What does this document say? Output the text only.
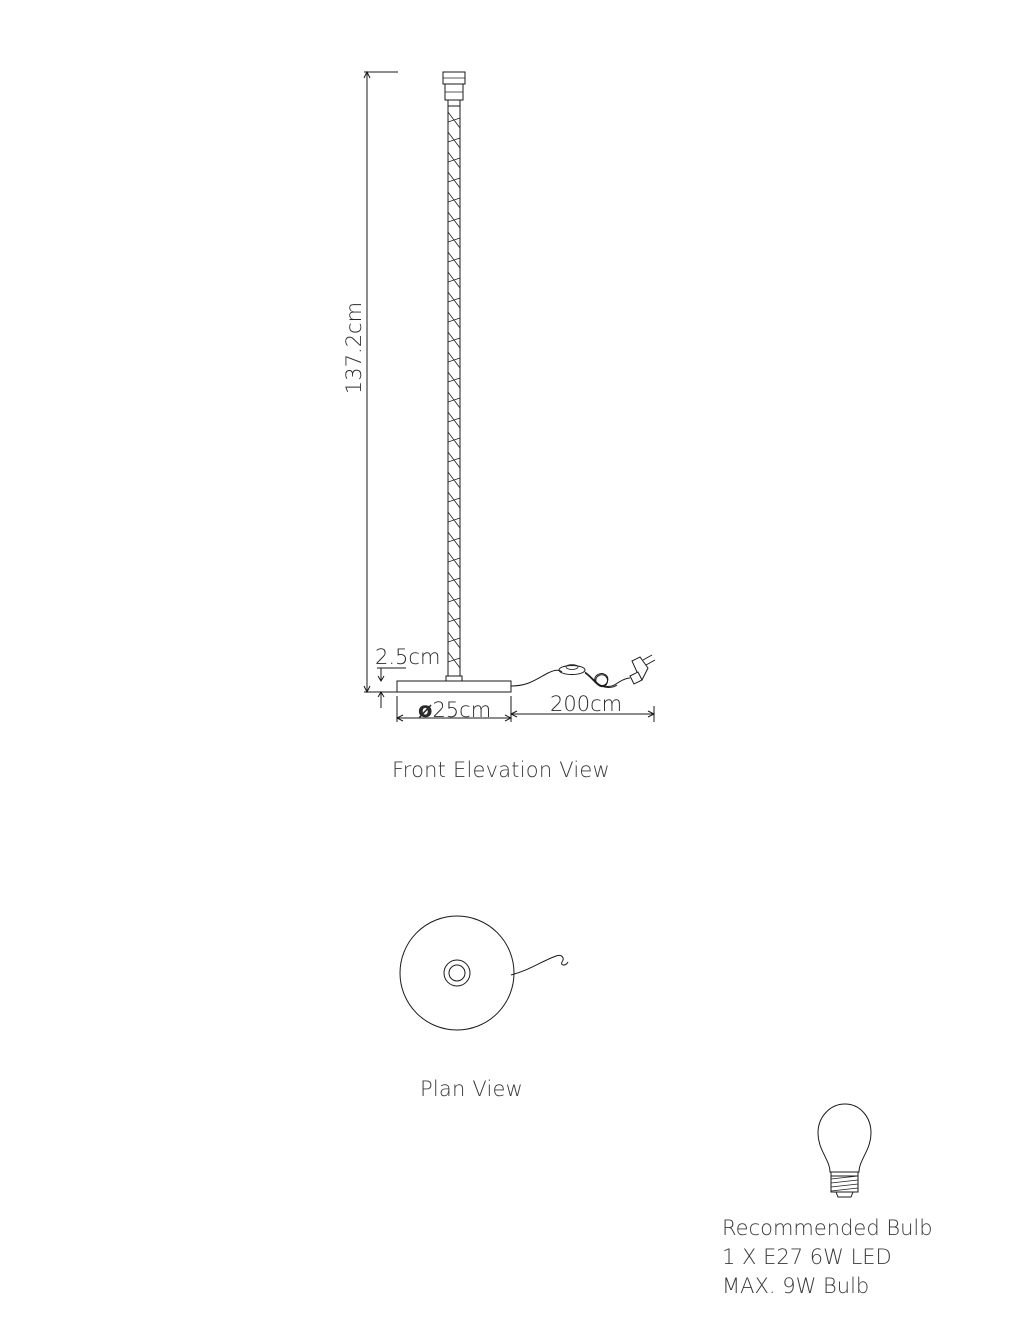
137.2cm
2.5cm
ø25cm	200cm
Front Elevation View
Plan View
Recommended Bulb
1 X E27 6W LED
MAX. 9W Bulb
